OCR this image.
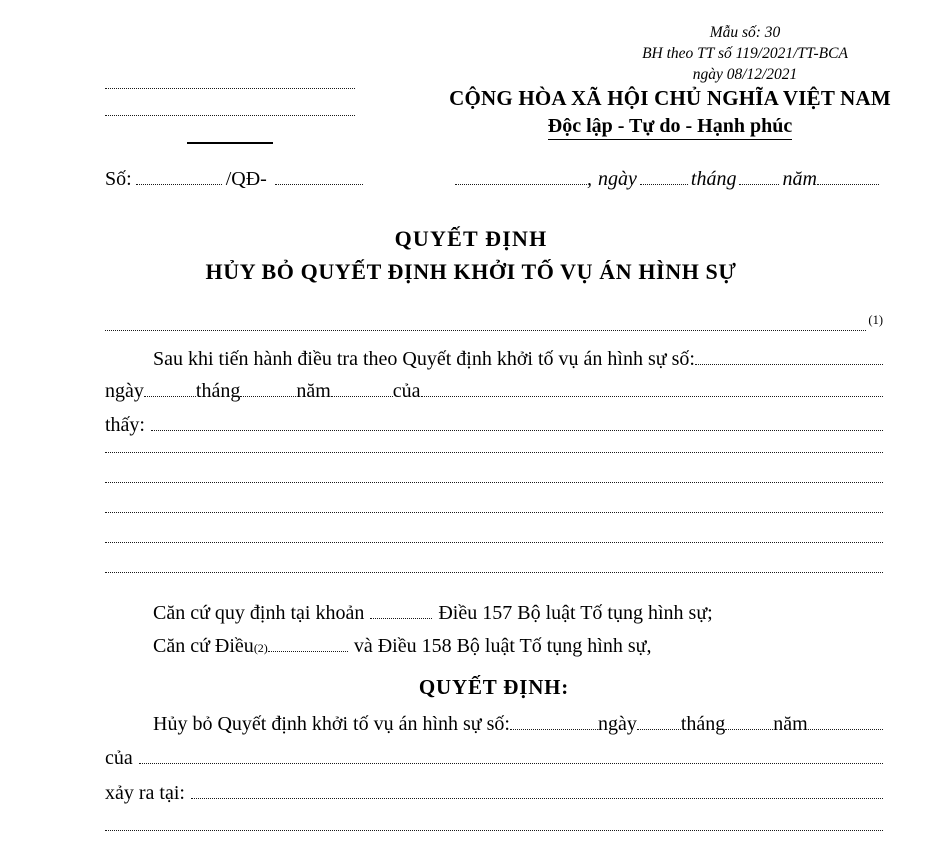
Mẫu số: 30
BH theo TT số 119/2021/TT-BCA
ngày 08/12/2021
CỘNG HÒA XÃ HỘI CHỦ NGHĨA VIỆT NAM
Độc lập - Tự do - Hạnh phúc
Số:	/QĐ-	, ngày	tháng năm
QUYẾT ĐỊNH
HỦY BỎ QUYẾT ĐỊNH KHỞI TỐ VỤ ÁN HÌNH SỰ
(1)
Sau khi tiến hành điều tra theo Quyết định khởi tố vụ án hình sự số:
ngày	tháng	năm	của
thấy:
Căn cứ quy định tại khoản	Điều 157 Bộ luật Tố tụng hình sự;
Căn cứ Điều (2)	và Điều 158 Bộ luật Tố tụng hình sự,
QUYẾT ĐỊNH:
Hủy bỏ Quyết định khởi tố vụ án hình sự số:	ngày tháng năm
của
xảy ra tại:
